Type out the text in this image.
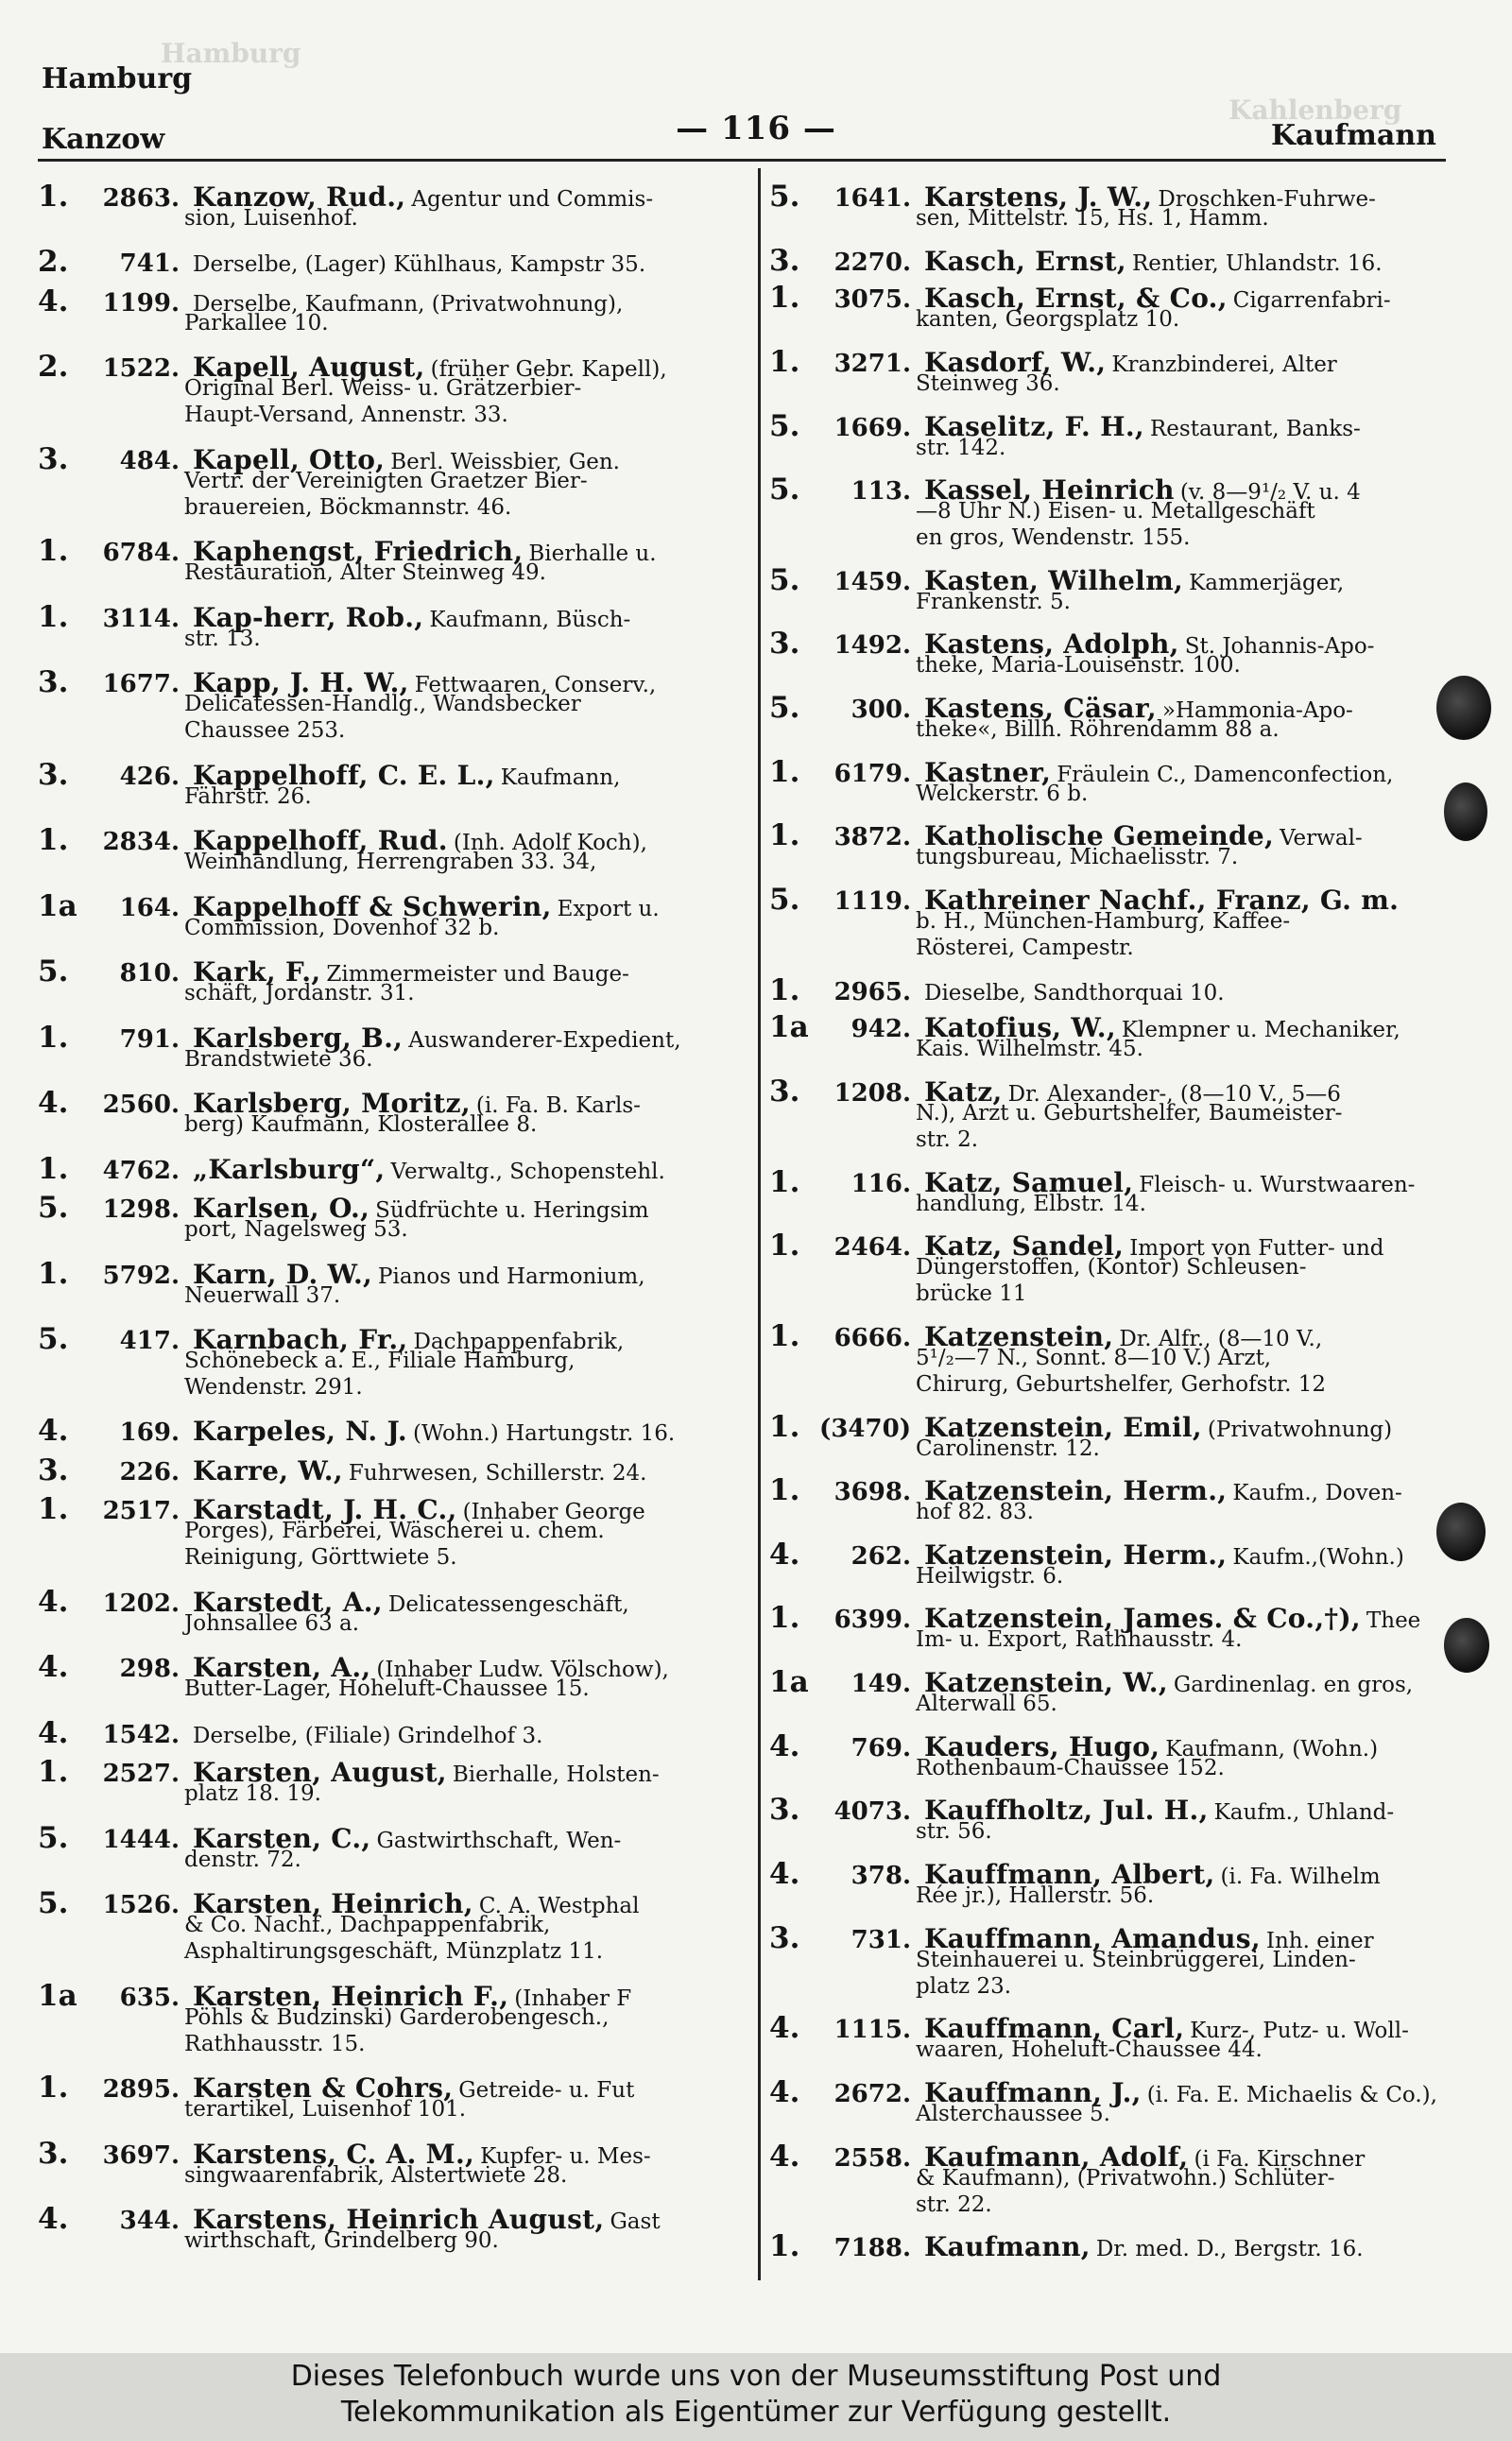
Hamburg
Kahlenberg
Hamburg
Kanzow	— 116 —	Kaufmann
1.	2863. Kanzow, Rud., Agentur und Commis-
sion, Luisenhof.
2.	741. Derselbe, (Lager) Kühlhaus, Kampstr 35.
4.	1199. Derselbe, Kaufmann, (Privatwohnung),
Parkallee 10.
2.	1522. Kapell, August, (früher Gebr. Kapell),
Original Berl. Weiss- u. Grätzerbier-
Haupt-Versand, Annenstr. 33.
3.	484. Kapell, Otto, Berl. Weissbier, Gen.
Vertr. der Vereinigten Graetzer Bier-
brauereien, Böckmannstr. 46.
1.	6784. Kaphengst, Friedrich, Bierhalle u.
Restauration, Alter Steinweg 49.
1.	3114. Kap-herr, Rob., Kaufmann, Büsch-
str. 13.
3.	1677. Kapp, J. H. W., Fettwaaren, Conserv.,
Delicatessen-Handlg., Wandsbecker
Chaussee 253.
3.	426. Kappelhoff, C. E. L., Kaufmann,
Fährstr. 26.
1.	2834. Kappelhoff, Rud. (Inh. Adolf Koch),
Weinhandlung, Herrengraben 33. 34,
1a	164. Kappelhoff & Schwerin, Export u.
Commission, Dovenhof 32 b.
5.	810. Kark, F., Zimmermeister und Bauge-
schäft, Jordanstr. 31.
1.	791. Karlsberg, B., Auswanderer-Expedient,
Brandstwiete 36.
4.	2560. Karlsberg, Moritz, (i. Fa. B. Karls-
berg) Kaufmann, Klosterallee 8.
1.	4762. „Karlsburg“, Verwaltg., Schopenstehl.
5.	1298. Karlsen, O., Südfrüchte u. Heringsim
port, Nagelsweg 53.
1.	5792. Karn, D. W., Pianos und Harmonium,
Neuerwall 37.
5.	417. Karnbach, Fr., Dachpappenfabrik,
Schönebeck a. E., Filiale Hamburg,
Wendenstr. 291.
4.	169. Karpeles, N. J. (Wohn.) Hartungstr. 16.
3.	226. Karre, W., Fuhrwesen, Schillerstr. 24.
1.	2517. Karstadt, J. H. C., (Inhaber George
Porges), Färberei, Wäscherei u. chem.
Reinigung, Görttwiete 5.
4.	1202. Karstedt, A., Delicatessengeschäft,
Johnsallee 63 a.
4.	298. Karsten, A., (Inhaber Ludw. Völschow),
Butter-Lager, Hoheluft-Chaussee 15.
4.	1542. Derselbe, (Filiale) Grindelhof 3.
1.	2527. Karsten, August, Bierhalle, Holsten-
platz 18. 19.
5.	1444. Karsten, C., Gastwirthschaft, Wen-
denstr. 72.
5.	1526. Karsten, Heinrich, C. A. Westphal
& Co. Nachf., Dachpappenfabrik,
Asphaltirungsgeschäft, Münzplatz 11.
1a	635. Karsten, Heinrich F., (Inhaber F
Pöhls & Budzinski) Garderobengesch.,
Rathhausstr. 15.
1.	2895. Karsten & Cohrs, Getreide- u. Fut
terartikel, Luisenhof 101.
3.	3697. Karstens, C. A. M., Kupfer- u. Mes-
singwaarenfabrik, Alstertwiete 28.
4.	344. Karstens, Heinrich August, Gast
wirthschaft, Grindelberg 90.
5.	1641. Karstens, J. W., Droschken-Fuhrwe-
sen, Mittelstr. 15, Hs. 1, Hamm.
3.	2270. Kasch, Ernst, Rentier, Uhlandstr. 16.
1.	3075. Kasch, Ernst, & Co., Cigarrenfabri-
kanten, Georgsplatz 10.
1.	3271. Kasdorf, W., Kranzbinderei, Alter
Steinweg 36.
5.	1669. Kaselitz, F. H., Restaurant, Banks-
str. 142.
5.	113. Kassel, Heinrich (v. 8—9¹/₂ V. u. 4
—8 Uhr N.) Eisen- u. Metallgeschäft
en gros, Wendenstr. 155.
5.	1459. Kasten, Wilhelm, Kammerjäger,
Frankenstr. 5.
3.	1492. Kastens, Adolph, St. Johannis-Apo-
theke, Maria-Louisenstr. 100.
5.	300. Kastens, Cäsar, »Hammonia-Apo-
theke«, Billh. Röhrendamm 88 a.
1.	6179. Kastner, Fräulein C., Damenconfection,
Welckerstr. 6 b.
1.	3872. Katholische Gemeinde, Verwal-
tungsbureau, Michaelisstr. 7.
5.	1119. Kathreiner Nachf., Franz, G. m.
b. H., München-Hamburg, Kaffee-
Rösterei, Campestr.
1.	2965. Dieselbe, Sandthorquai 10.
1a	942. Katofius, W., Klempner u. Mechaniker,
Kais. Wilhelmstr. 45.
3.	1208. Katz, Dr. Alexander-, (8—10 V., 5—6
N.), Arzt u. Geburtshelfer, Baumeister-
str. 2.
1.	116. Katz, Samuel, Fleisch- u. Wurstwaaren-
handlung, Elbstr. 14.
1.	2464. Katz, Sandel, Import von Futter- und
Düngerstoffen, (Kontor) Schleusen-
brücke 11
1.	6666. Katzenstein, Dr. Alfr., (8—10 V.,
5¹/₂—7 N., Sonnt. 8—10 V.) Arzt,
Chirurg, Geburtshelfer, Gerhofstr. 12
1. (3470) Katzenstein, Emil, (Privatwohnung)
Carolinenstr. 12.
1.	3698. Katzenstein, Herm., Kaufm., Doven-
hof 82. 83.
4.	262. Katzenstein, Herm., Kaufm.,(Wohn.)
Heilwigstr. 6.
1.	6399. Katzenstein, James. & Co.,†), Thee
Im- u. Export, Rathhausstr. 4.
1a	149. Katzenstein, W., Gardinenlag. en gros,
Alterwall 65.
4.	769. Kauders, Hugo, Kaufmann, (Wohn.)
Rothenbaum-Chaussee 152.
3.	4073. Kauffholtz, Jul. H., Kaufm., Uhland-
str. 56.
4.	378. Kauffmann, Albert, (i. Fa. Wilhelm
Rée jr.), Hallerstr. 56.
3.	731. Kauffmann, Amandus, Inh. einer
Steinhauerei u. Steinbrüggerei, Linden-
platz 23.
4.	1115. Kauffmann, Carl, Kurz-, Putz- u. Woll-
waaren, Hoheluft-Chaussee 44.
4.	2672. Kauffmann, J., (i. Fa. E. Michaelis & Co.),
Alsterchaussee 5.
4.	2558. Kaufmann, Adolf, (i Fa. Kirschner
& Kaufmann), (Privatwohn.) Schlüter-
str. 22.
1.	7188. Kaufmann, Dr. med. D., Bergstr. 16.
Dieses Telefonbuch wurde uns von der Museumsstiftung Post und
Telekommunikation als Eigentümer zur Verfügung gestellt.
